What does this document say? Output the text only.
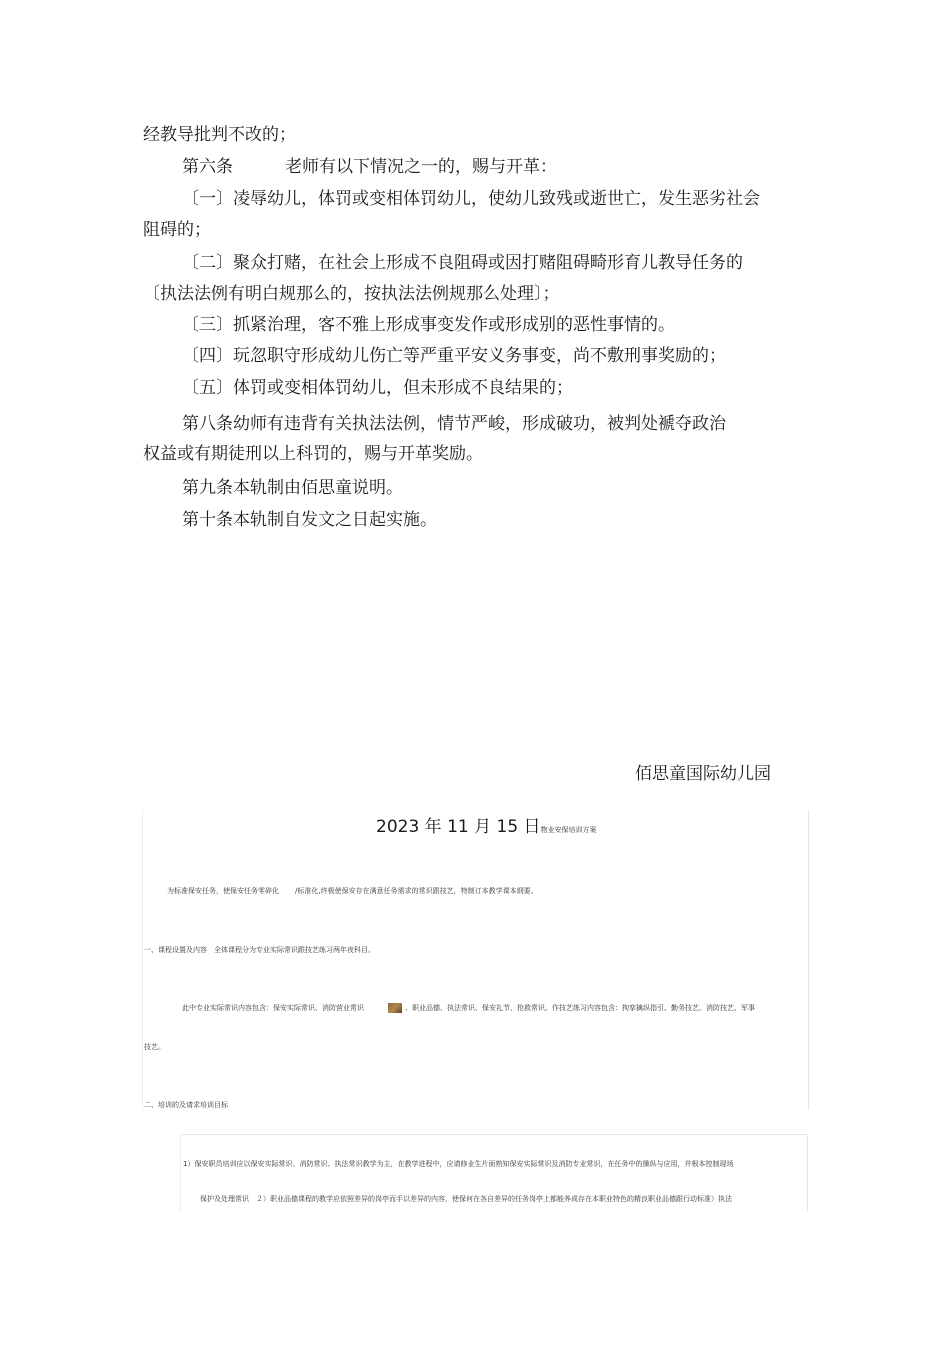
经教导批判不改的；

第六条	老师有以下情况之一的，赐与开革：

〔一〕凌辱幼儿，体罚或变相体罚幼儿，使幼儿致残或逝世亡，发生恶劣社会

阻碍的；

〔二〕聚众打赌，在社会上形成不良阻碍或因打赌阻碍畸形育儿教导任务的

〔执法法例有明白规那么的，按执法法例规那么处理〕；

〔三〕抓紧治理，客不雅上形成事变发作或形成别的恶性事情的。

〔四〕玩忽职守形成幼儿伤亡等严重平安义务事变，尚不敷刑事奖励的；

〔五〕体罚或变相体罚幼儿，但未形成不良结果的；

第八条幼师有违背有关执法法例，情节严峻，形成破功，被判处褫夺政治

权益或有期徒刑以上科罚的，赐与开革奖励。

第九条本轨制由佰思童说明。

第十条本轨制自发文之日起实施。

佰思童国际幼儿园
2023 年 11 月 15 日物业安保培训方案
为标准保安任务，使保安任务零碎化 /标准化,终极使保安存在满意任务需求的常识跟技艺，特制订本教学课本纲要。
一、课程设置及内容　全体课程分为专业实际常识跟技艺练习两年夜科目。
此中专业实际常识内容包含：保安实际常识、消防营业常识	、职业品德、执法常识、保安礼节、抢救常识。作技艺练习内容包含：拘挛擒纵指引、勤务技艺、消防技艺、军事
技艺。
二、培训的及请求培训目标
1）保安职员培训应以保安实际常识、消防常识、执法常识教学为主，在教学进程中，应请修业生片面熟知保安实际常识及消防专业常识，在任务中的操纵与应用，并根本控制现场
保护及处理常识　２）职业品德课程的教学应依照差异的岗亭而手以差异的内容，使保何在各自差异的任务岗亭上都能养成存在本职业特色的精良职业品德跟行动标准）执法
